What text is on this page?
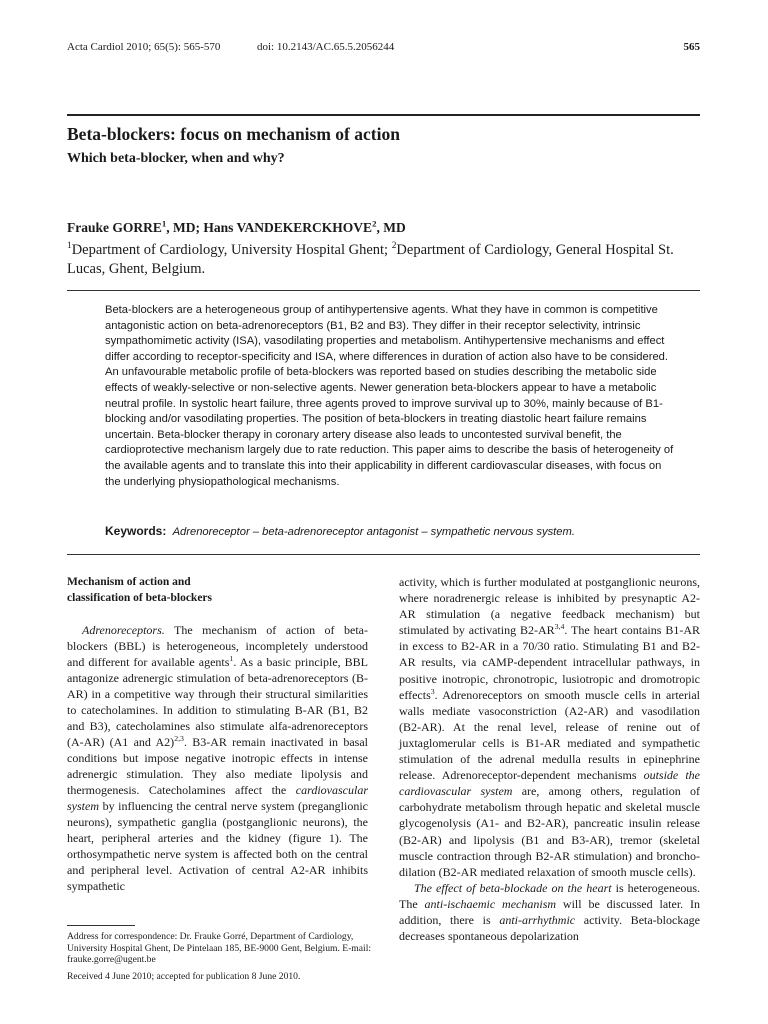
Acta Cardiol 2010; 65(5): 565-570	doi: 10.2143/AC.65.5.2056244	565
Beta-blockers: focus on mechanism of action
Which beta-blocker, when and why?
Frauke GORRE$^1$, MD; Hans VANDEKERCKHOVE$^2$, MD
$^1$Department of Cardiology, University Hospital Ghent; $^2$Department of Cardiology, General Hospital St. Lucas, Ghent, Belgium.

Beta-blockers are a heterogeneous group of antihypertensive agents. What they have in common is competitive antagonistic action on beta-adrenoreceptors (B1, B2 and B3). They differ in their receptor selectivity, intrinsic sympathomimetic activity (ISA), vasodilating properties and metabolism. Antihypertensive mechanisms and effect differ according to receptor-specificity and ISA, where differences in duration of action also have to be considered. An unfavourable metabolic profile of beta-blockers was reported based on studies describing the metabolic side effects of weakly-selective or non-selective agents. Newer generation beta-blockers appear to have a metabolic neutral profile. In systolic heart failure, three agents proved to improve survival up to 30%, mainly because of B1-blocking and/or vasodilating properties. The position of beta-blockers in treating diastolic heart failure remains uncertain. Beta-blocker therapy in coronary artery disease also leads to uncontested survival benefit, the cardioprotective mechanism largely due to rate reduction. This paper aims to describe the basis of heterogeneity of the available agents and to translate this into their applicability in different cardiovascular diseases, with focus on the underlying physiopathological mechanisms.

Keywords: Adrenoreceptor – beta-adrenoreceptor antagonist – sympathetic nervous system.
Mechanism of action and
classification of beta-blockers

Adrenoreceptors. The mechanism of action of beta-blockers (BBL) is heterogeneous, incompletely understood and different for available agents$^1$. As a basic principle, BBL antagonize adrenergic stimulation of beta-adrenoreceptors (B-AR) in a competitive way through their structural similarities to catecholamines. In addition to stimulating B-AR (B1, B2 and B3), catecholamines also stimulate alfa-adrenoreceptors (A-AR) (A1 and A2)$^{2,3}$. B3-AR remain inactivated in basal conditions but impose negative inotropic effects in intense adrenergic stimulation. They also mediate lipolysis and thermogenesis. Catecholamines affect the cardiovascular system by influencing the central nerve system (preganglionic neurons), sympathetic ganglia (postganglionic neurons), the heart, peripheral arteries and the kidney (figure 1). The orthosympathetic nerve system is affected both on the central and peripheral level. Activation of central A2-AR inhibits sympathetic

activity, which is further modulated at postganglionic neurons, where noradrenergic release is inhibited by presynaptic A2-AR stimulation (a negative feedback mechanism) but stimulated by activating B2-AR$^{3,4}$. The heart contains B1-AR in excess to B2-AR in a 70/30 ratio. Stimulating B1 and B2-AR results, via cAMP-dependent intracellular pathways, in positive inotropic, chronotropic, lusiotropic and dromotropic effects$^3$. Adrenoreceptors on smooth muscle cells in arterial walls mediate vasoconstriction (A2-AR) and vasodilation (B2-AR). At the renal level, release of renine out of juxtaglomerular cells is B1-AR mediated and sympathetic stimulation of the adrenal medulla results in epinephrine release. Adrenoreceptor-dependent mechanisms outside the cardiovascular system are, among others, regulation of carbohydrate metabolism through hepatic and skeletal muscle glycogenolysis (A1- and B2-AR), pancreatic insulin release (B2-AR) and lipolysis (B1 and B3-AR), tremor (skeletal muscle contraction through B2-AR stimulation) and broncho-dilation (B2-AR mediated relaxation of smooth muscle cells).

The effect of beta-blockade on the heart is heterogeneous. The anti-ischaemic mechanism will be discussed later. In addition, there is anti-arrhythmic activity. Beta-blockage decreases spontaneous depolarization

Address for correspondence: Dr. Frauke Gorré, Department of Cardiology, University Hospital Ghent, De Pintelaan 185, BE-9000 Gent, Belgium. E-mail: frauke.gorre@ugent.be

Received 4 June 2010; accepted for publication 8 June 2010.
